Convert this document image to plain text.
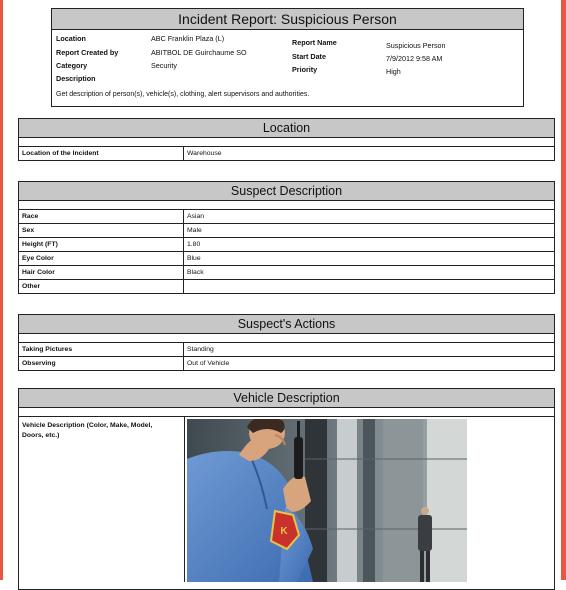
Incident Report: Suspicious Person
Location	ABC Franklin Plaza (L)
Report Created by	ABITBOL DE Guirchaume SO
Category	Security
Description
Report Name	Suspicious Person
Start Date	7/9/2012 9:58 AM
Priority	High
Get description of person(s), vehicle(s), clothing, alert supervisors and authorities.
Location
Location of the Incident	Warehouse
Suspect Description
Race	Asian
Sex	Male
Height (FT)	1.80
Eye Color	Blue
Hair Color	Black
Other
Suspect's Actions
Taking Pictures	Standing
Observing	Out of Vehicle
Vehicle Description
Vehicle Description (Color, Make, Model, Doors, etc.)
K
